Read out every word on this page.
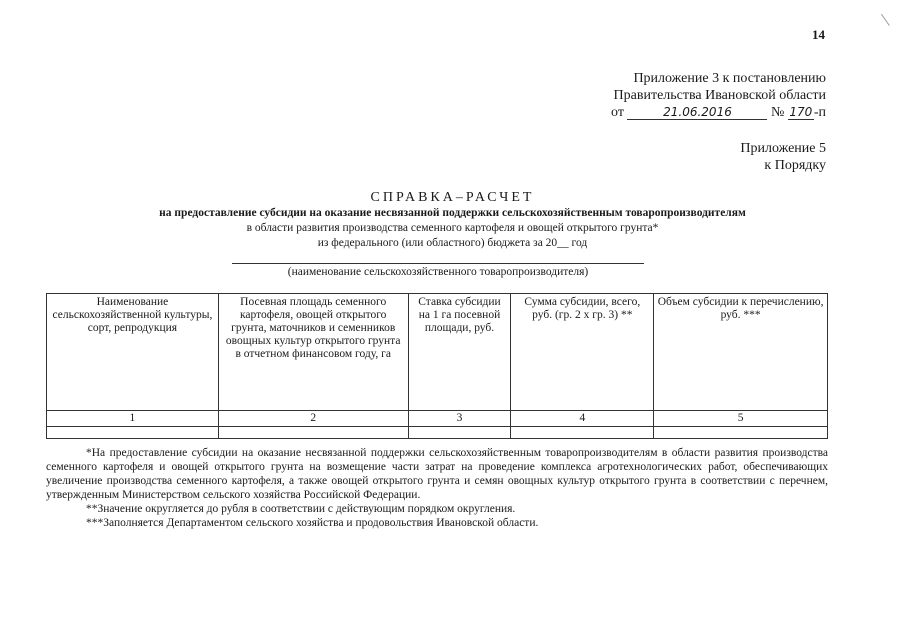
14
Приложение 3 к постановлению
Правительства Ивановской области
от	21.06.2016	№ 170 -п
Приложение 5
к Порядку
СПРАВКА–РАСЧЕТ
на предоставление субсидии на оказание несвязанной поддержки сельскохозяйственным товаропроизводителям
в области развития производства семенного картофеля и овощей открытого грунта*
из федерального (или областного) бюджета за 20__ год
(наименование сельскохозяйственного товаропроизводителя)
Наименование сельскохозяйственной культуры, сорт, репродукция	Посевная площадь семенного картофеля, овощей открытого грунта, маточников и семенников овощных культур открытого грунта в отчетном финансовом году, га	Ставка субсидии на 1 га посевной площади, руб.	Сумма субсидии, всего, руб. (гр. 2 х гр. 3) **	Объем субсидии к перечислению, руб. ***
1	2	3	4	5

*На предоставление субсидии на оказание несвязанной поддержки сельскохозяйственным товаропроизводителям в области развития производства семенного картофеля и овощей открытого грунта на возмещение части затрат на проведение комплекса агротехнологических работ, обеспечивающих увеличение производства семенного картофеля, а также овощей открытого грунта и семян овощных культур открытого грунта в соответствии с перечнем, утвержденным Министерством сельского хозяйства Российской Федерации.

**Значение округляется до рубля в соответствии с действующим порядком округления.

***Заполняется Департаментом сельского хозяйства и продовольствия Ивановской области.
